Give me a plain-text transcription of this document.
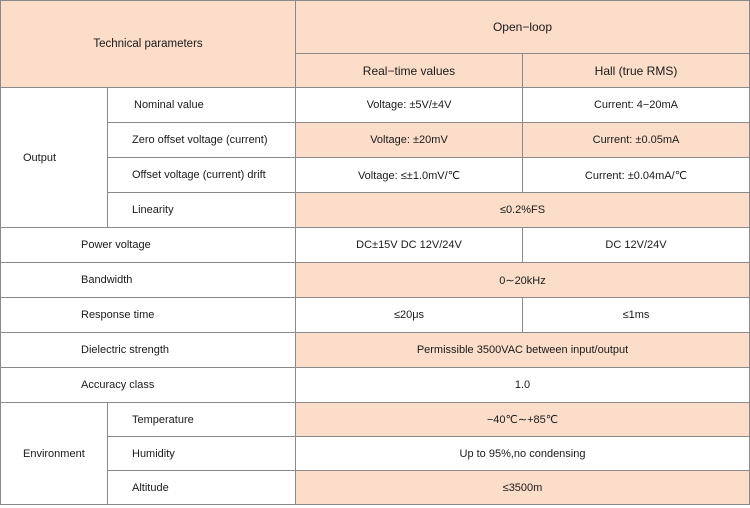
Technical parameters		Open−loop	
		Real−time values	Hall (true RMS)
Output	Nominal value	Voltage: ±5V/±4V	Current: 4−20mA
	Zero offset voltage (current)	Voltage: ±20mV	Current: ±0.05mA
	Offset voltage (current) drift	Voltage: ≤±1.0mV/℃	Current: ±0.04mA/℃
	Linearity	≤0.2%FS	
Power voltage		DC±15V DC 12V/24V	DC 12V/24V
Bandwidth		0∼20kHz	
Response time		≤20μs	≤1ms
Dielectric strength		Permissible 3500VAC between input/output	
Accuracy class		1.0	
Environment	Temperature	−40℃∼+85℃	
	Humidity	Up to 95%,no condensing	
	Altitude	≤3500m	
